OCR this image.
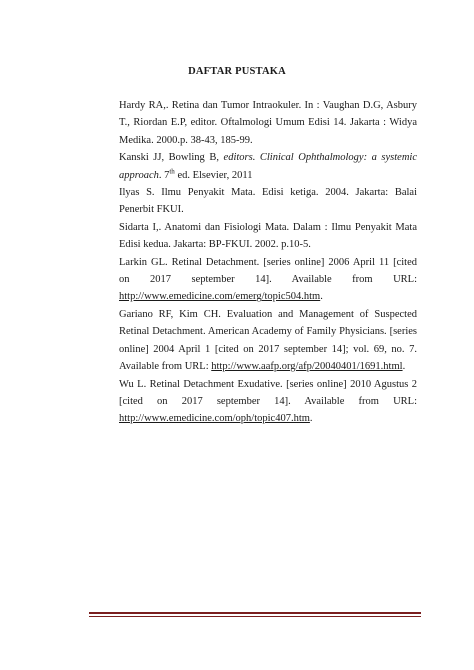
DAFTAR PUSTAKA
Hardy RA,. Retina dan Tumor Intraokuler. In : Vaughan D.G, Asbury T., Riordan E.P, editor. Oftalmologi Umum Edisi 14. Jakarta : Widya Medika. 2000.p. 38-43, 185-99.
Kanski JJ, Bowling B, editors. Clinical Ophthalmology: a systemic approach. 7th ed. Elsevier, 2011
Ilyas S. Ilmu Penyakit Mata. Edisi ketiga. 2004. Jakarta: Balai Penerbit FKUI.
Sidarta I,. Anatomi dan Fisiologi Mata. Dalam : Ilmu Penyakit Mata Edisi kedua. Jakarta: BP-FKUI. 2002. p.10-5.
Larkin GL. Retinal Detachment. [series online] 2006 April 11 [cited on 2017 september 14]. Available from URL: http://www.emedicine.com/emerg/topic504.htm.
Gariano RF, Kim CH. Evaluation and Management of Suspected Retinal Detachment. American Academy of Family Physicians. [series online] 2004 April 1 [cited on 2017 september 14]; vol. 69, no. 7. Available from URL: http://www.aafp.org/afp/20040401/1691.html.
Wu L. Retinal Detachment Exudative. [series online] 2010 Agustus 2 [cited on 2017 september 14]. Available from URL: http://www.emedicine.com/oph/topic407.htm.
